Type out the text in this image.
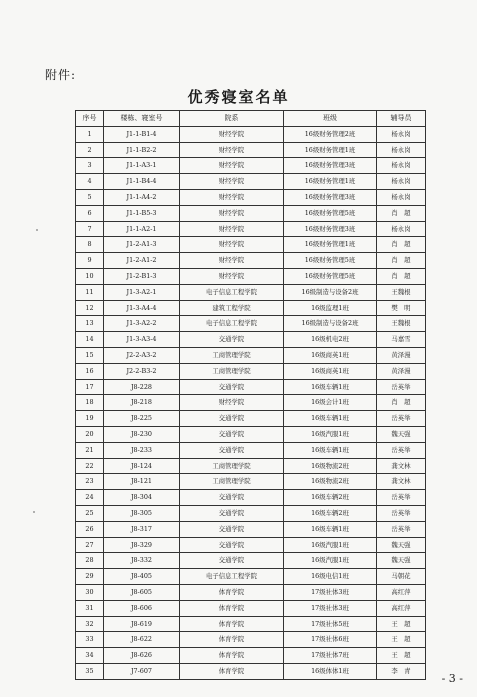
附件:
优秀寝室名单
序号	楼栋、寝室号	院系	班级	辅导员
1	J1-1-B1-4	财经学院	16级财务管理2班	杨永岗
2	J1-1-B2-2	财经学院	16级财务管理1班	杨永岗
3	J1-1-A3-1	财经学院	16级财务管理3班	杨永岗
4	J1-1-B4-4	财经学院	16级财务管理1班	杨永岗
5	J1-1-A4-2	财经学院	16级财务管理3班	杨永岗
6	J1-1-B5-3	财经学院	16级财务管理5班	肖　超
7	J1-1-A2-1	财经学院	16级财务管理3班	杨永岗
8	J1-2-A1-3	财经学院	16级财务管理1班	肖　超
9	J1-2-A1-2	财经学院	16级财务管理5班	肖　超
10	J1-2-B1-3	财经学院	16级财务管理5班	肖　超
11	J1-3-A2-1	电子信息工程学院	16级制造与设备2班	王魏根
12	J1-3-A4-4	建筑工程学院	16级监理1班	樊　明
13	J1-3-A2-2	电子信息工程学院	16级制造与设备2班	王魏根
14	J1-3-A3-4	交通学院	16级机电2班	马嘉雪
15	J2-2-A3-2	工商管理学院	16级商英1班	黄泽漫
16	J2-2-B3-2	工商管理学院	16级商英1班	黄泽漫
17	J8-228	交通学院	16级车辆1班	岳英举
18	J8-218	财经学院	16级会计1班	肖　超
19	J8-225	交通学院	16级车辆1班	岳英举
20	J8-230	交通学院	16级汽服1班	魏天强
21	J8-233	交通学院	16级车辆1班	岳英举
22	J8-124	工商管理学院	16级物流2班	龚文林
23	J8-121	工商管理学院	16级物流2班	龚文林
24	J8-304	交通学院	16级车辆2班	岳英举
25	J8-305	交通学院	16级车辆2班	岳英举
26	J8-317	交通学院	16级车辆1班	岳英举
27	J8-329	交通学院	16级汽服1班	魏天强
28	J8-332	交通学院	16级汽服1班	魏天强
29	J8-405	电子信息工程学院	16级电信1班	马朝花
30	J8-605	体育学院	17级社体3班	高红萍
31	J8-606	体育学院	17级社体3班	高红萍
32	J8-619	体育学院	17级社体5班	王　超
33	J8-622	体育学院	17级社体6班	王　超
34	J8-626	体育学院	17级社体7班	王　超
35	J7-607	体育学院	16级体体1班	李　青
- 3 -
